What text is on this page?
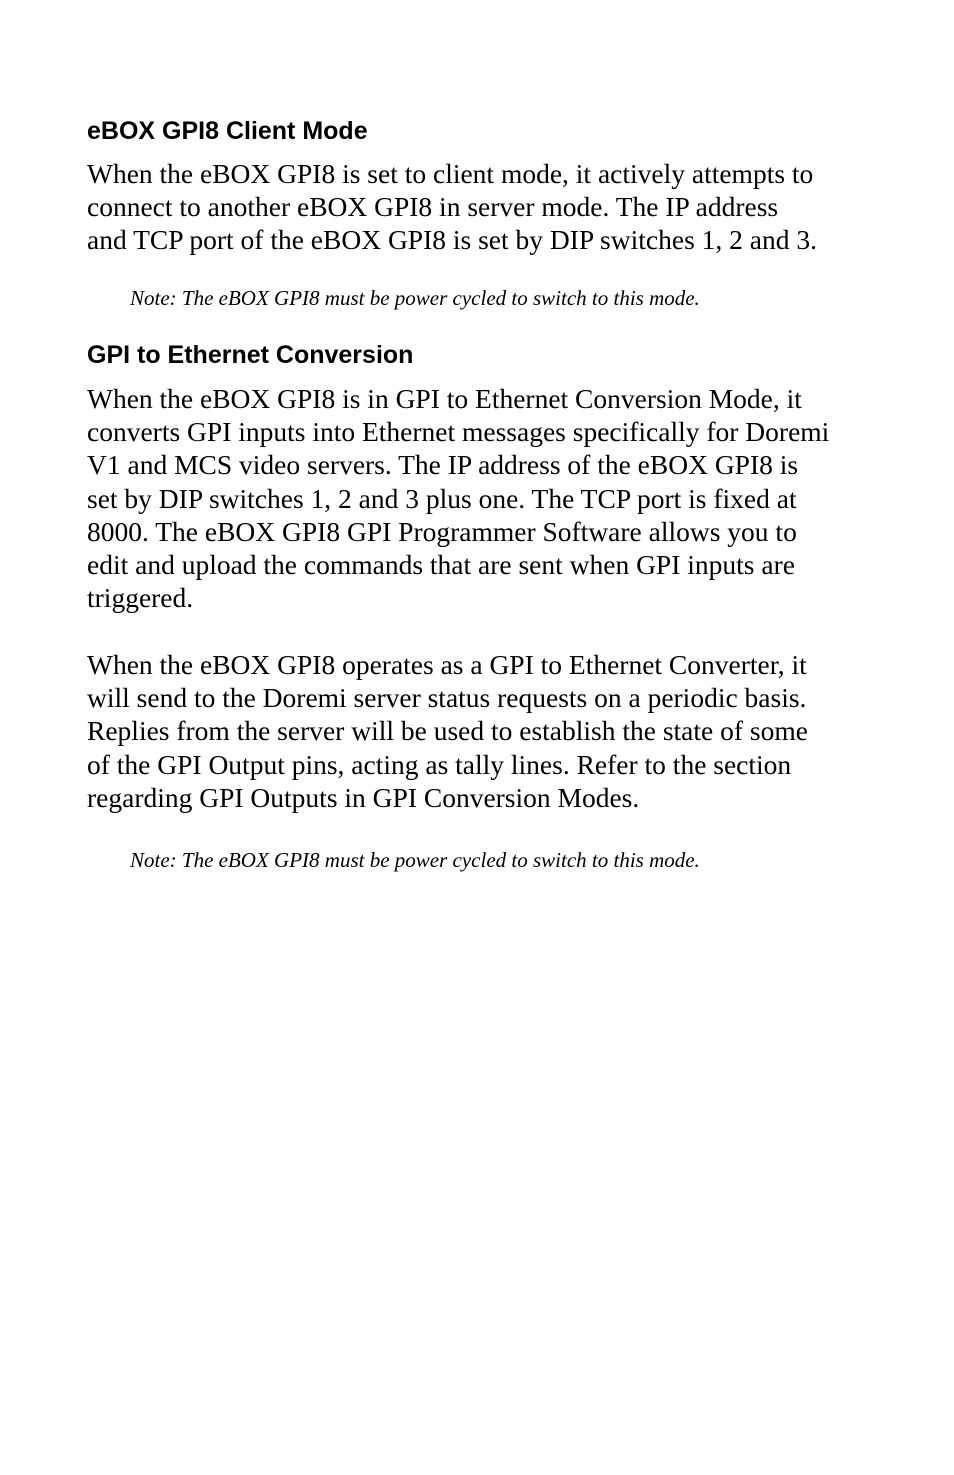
eBOX GPI8 Client Mode

When the eBOX GPI8 is set to client mode, it actively attempts to
connect to another eBOX GPI8 in server mode. The IP address
and TCP port of the eBOX GPI8 is set by DIP switches 1, 2 and 3.

Note: The eBOX GPI8 must be power cycled to switch to this mode.

GPI to Ethernet Conversion

When the eBOX GPI8 is in GPI to Ethernet Conversion Mode, it
converts GPI inputs into Ethernet messages specifically for Doremi
V1 and MCS video servers. The IP address of the eBOX GPI8 is
set by DIP switches 1, 2 and 3 plus one. The TCP port is fixed at
8000. The eBOX GPI8 GPI Programmer Software allows you to
edit and upload the commands that are sent when GPI inputs are
triggered.

When the eBOX GPI8 operates as a GPI to Ethernet Converter, it
will send to the Doremi server status requests on a periodic basis.
Replies from the server will be used to establish the state of some
of the GPI Output pins, acting as tally lines. Refer to the section
regarding GPI Outputs in GPI Conversion Modes.

Note: The eBOX GPI8 must be power cycled to switch to this mode.
